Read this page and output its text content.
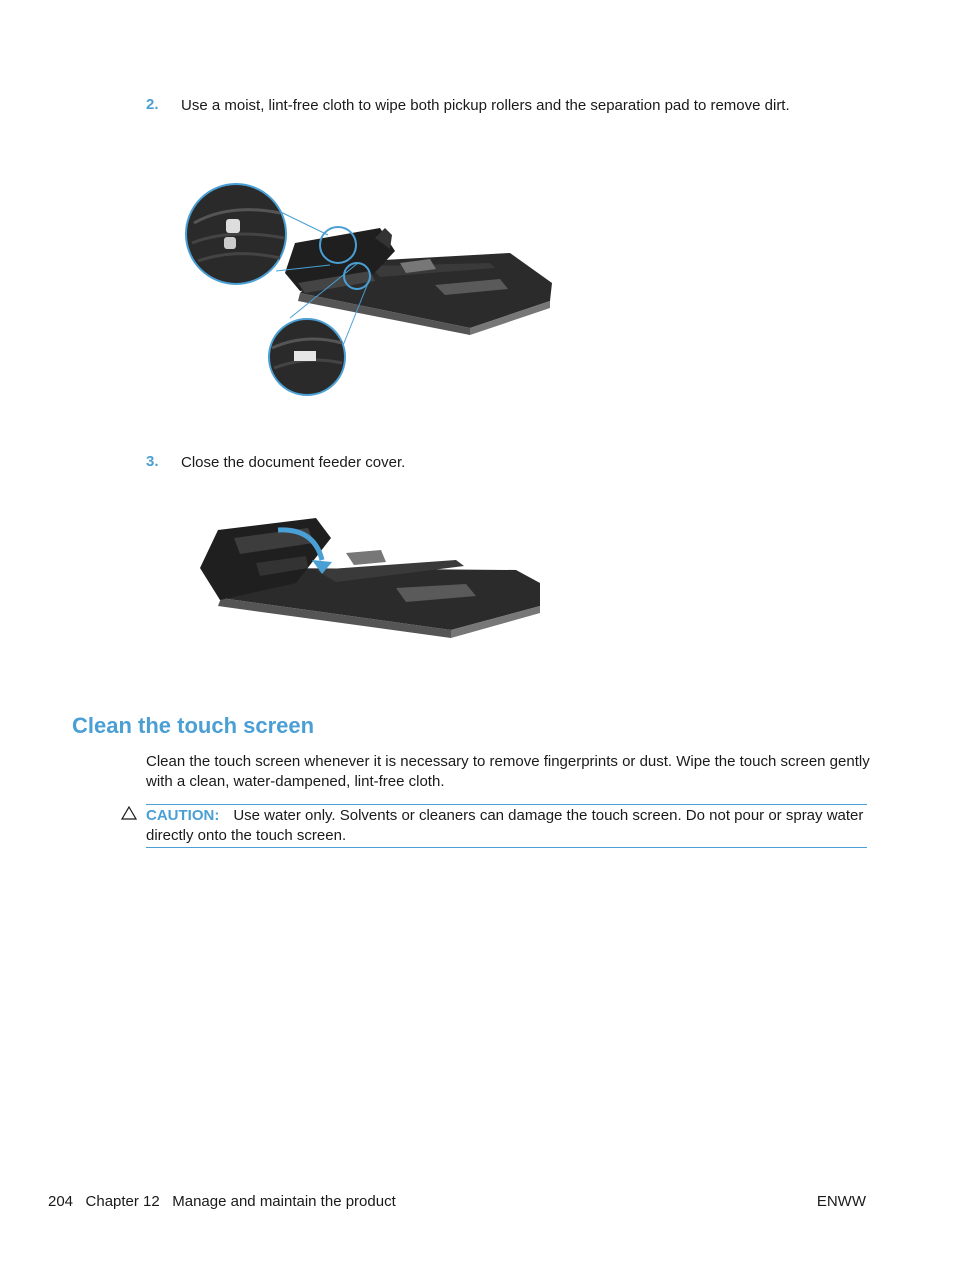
2. Use a moist, lint-free cloth to wipe both pickup rollers and the separation pad to remove dirt.
3. Close the document feeder cover.
Clean the touch screen
Clean the touch screen whenever it is necessary to remove fingerprints or dust. Wipe the touch screen gently with a clean, water-dampened, lint-free cloth.
CAUTION: Use water only. Solvents or cleaners can damage the touch screen. Do not pour or spray water directly onto the touch screen.
204   Chapter 12   Manage and maintain the product	ENWW
